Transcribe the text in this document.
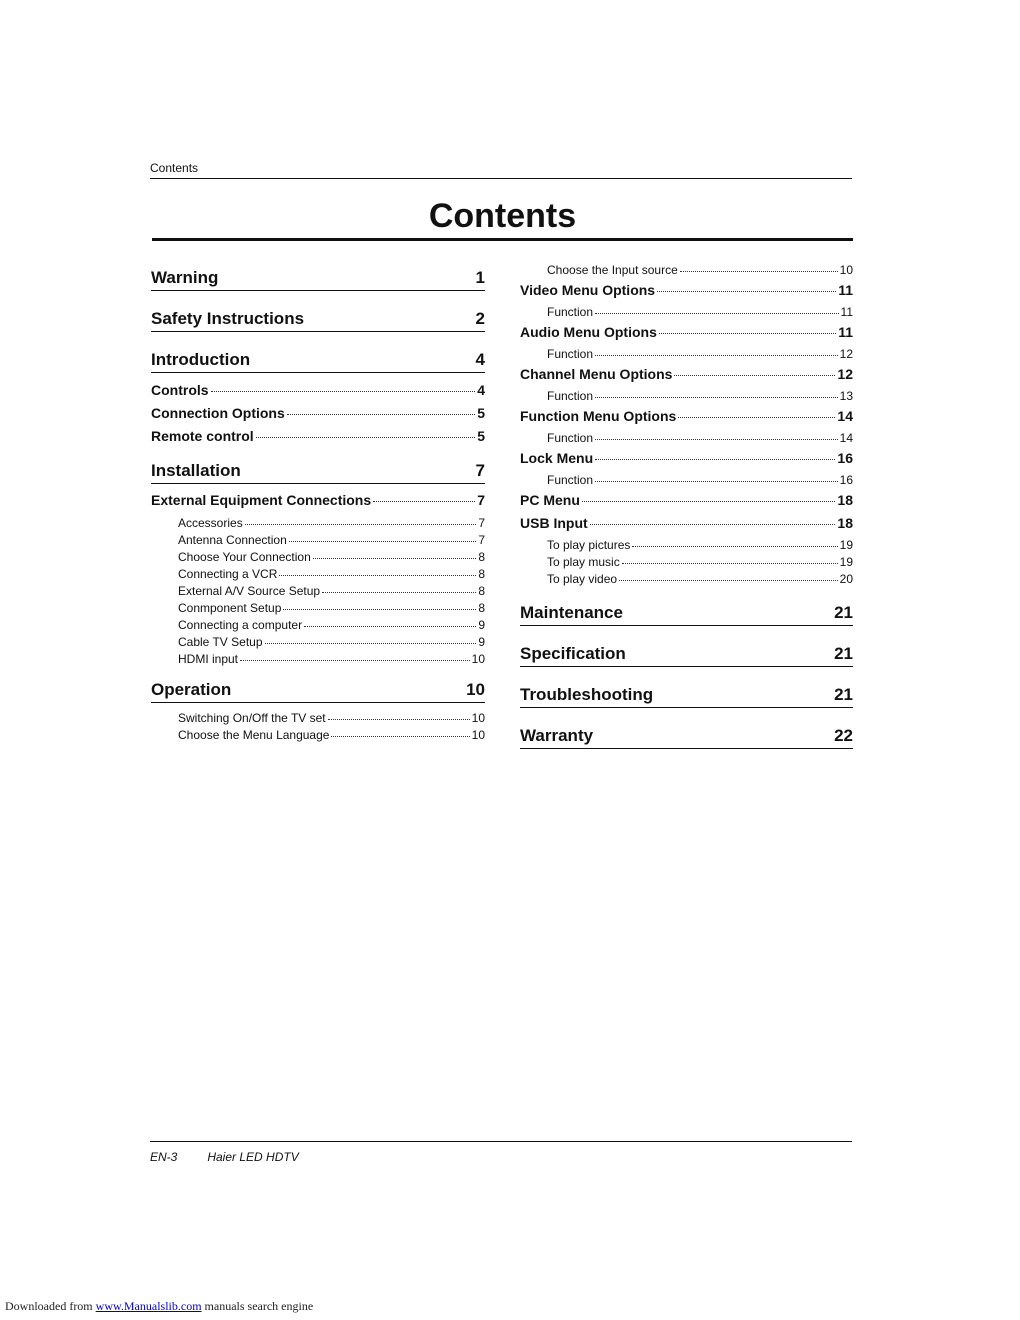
Contents
Contents
Warning	1
Safety Instructions	2
Introduction	4
Controls	4
Connection Options	5
Remote control	5
Installation	7
External Equipment Connections	7
Accessories	7
Antenna Connection	7
Choose Your Connection	8
Connecting a VCR	8
External A/V Source Setup	8
Conmponent Setup	8
Connecting a computer	9
Cable TV Setup	9
HDMI input	10
Operation	10
Switching On/Off the TV set	10
Choose the Menu Language	10
Choose the Input source	10
Video Menu Options	11
Function	11
Audio Menu Options	11
Function	12
Channel Menu Options	12
Function	13
Function Menu Options	14
Function	14
Lock Menu	16
Function	16
PC Menu	18
USB Input	18
To play pictures	19
To play music	19
To play video	20
Maintenance	21
Specification	21
Troubleshooting	21
Warranty	22
EN-3	Haier LED HDTV
Downloaded from www.Manualslib.com manuals search engine
